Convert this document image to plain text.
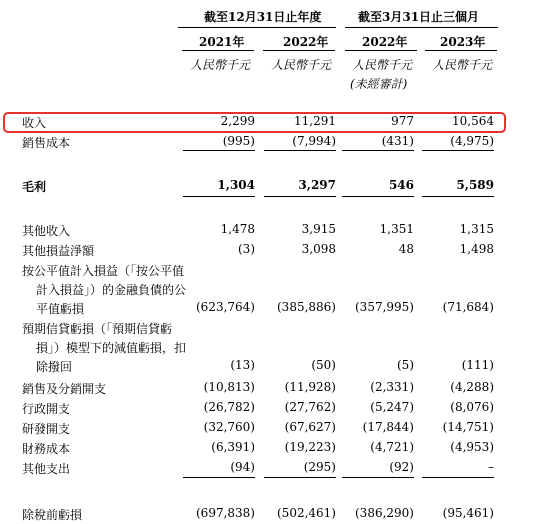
截至12月31日止年度	截至3月31日止三個月
2021年	2022年	2022年	2023年
人民幣千元 人民幣千元 人民幣千元 人民幣千元
(未經審計)
收入	2,299	11,291	977	10,564
銷售成本	(995)	(7,994)	(431)	(4,975)
毛利	1,304	3,297	546	5,589
其他收入	1,478	3,915	1,351	1,315
其他損益淨額	(3)	3,098	48	1,498
按公平值計入損益（「按公平值
計入損益」）的金融負債的公
平值虧損	(623,764)	(385,886)	(357,995)	(71,684)
預期信貸虧損（「預期信貸虧
損」）模型下的減值虧損，扣
除撥回	(13)	(50)	(5)	(111)
銷售及分銷開支	(10,813)	(11,928)	(2,331)	(4,288)
行政開支	(26,782)	(27,762)	(5,247)	(8,076)
研發開支	(32,760)	(67,627)	(17,844)	(14,751)
財務成本	(6,391)	(19,223)	(4,721)	(4,953)
其他支出	(94)	(295)	(92)	–
除稅前虧損	(697,838)	(502,461)	(386,290)	(95,461)
